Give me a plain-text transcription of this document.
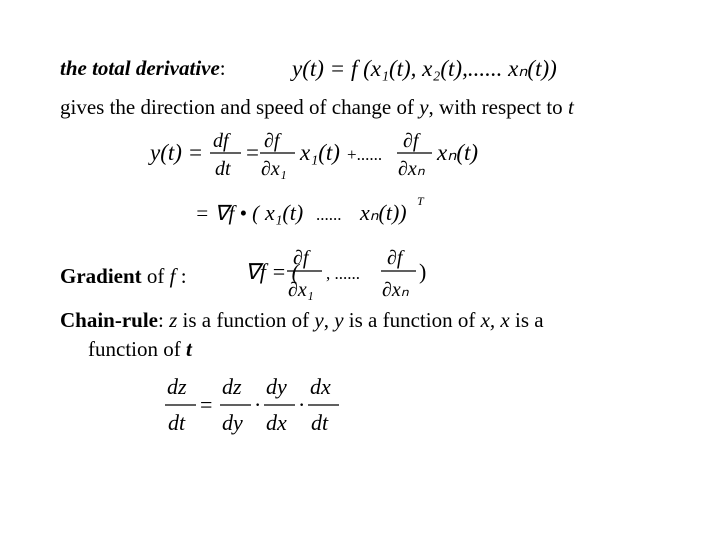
the total derivative:	y(t) = f (x₁(t), x₂(t),...... xₙ(t))
gives the direction and speed of change of y, with respect to t
y(t) = df
dt
= ∂f
∂x₁
x₁(t) +......
∂f
∂xₙ
xₙ(t)
= ∇f • ( x₁(t) ...... xₙ(t)) T
Gradient of f :	∇f = (
∂f
∂x₁
, ......
∂f
∂xₙ
)
Chain-rule: z is a function of y, y is a function of x, x is a
function of t
dz
dt
=
dz
dy
·
dy
dx
·
dx
dt
